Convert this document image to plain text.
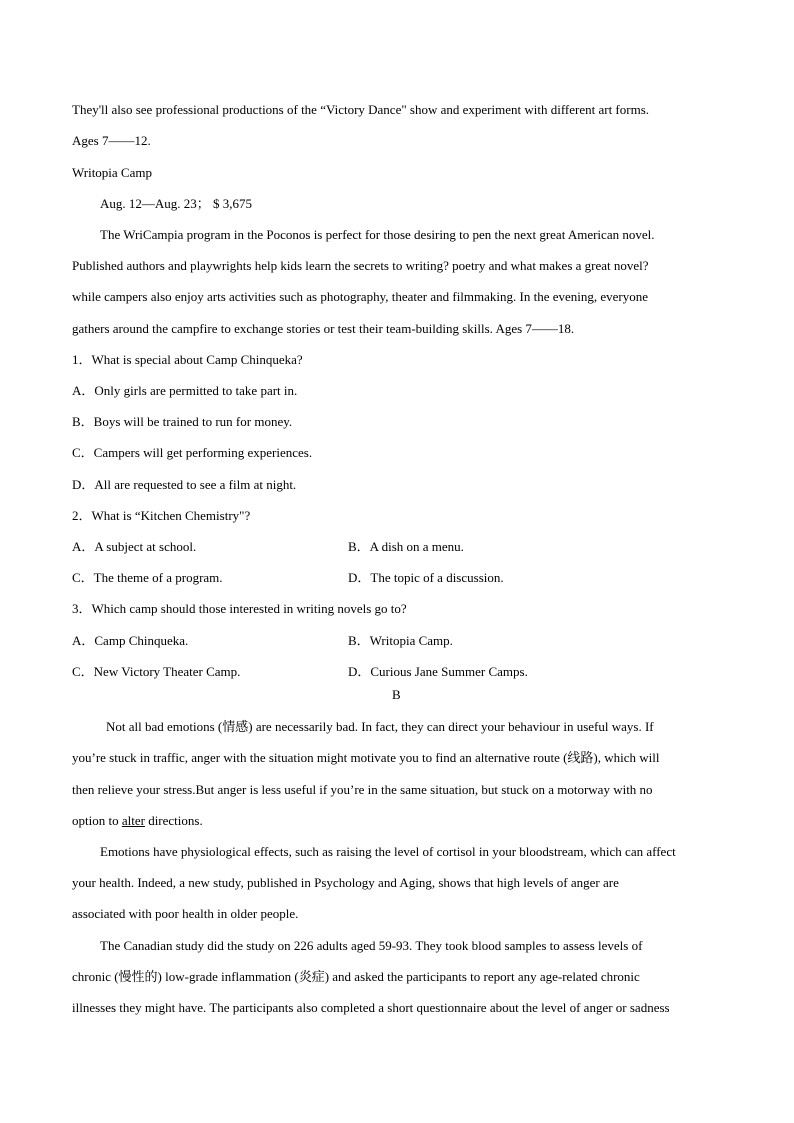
They'll also see professional productions of the “Victory Dance" show and experiment with different art forms.
Ages 7——12.
Writopia Camp
Aug. 12—Aug. 23； $ 3,675
The WriCampia program in the Poconos is perfect for those desiring to pen the next great American novel.
Published authors and playwrights help kids learn the secrets to writing? poetry and what makes a great novel?
while campers also enjoy arts activities such as photography, theater and filmmaking. In the evening, everyone
gathers around the campfire to exchange stories or test their team-building skills. Ages 7——18.
1．What is special about Camp Chinqueka?
A．Only girls are permitted to take part in.
B．Boys will be trained to run for money.
C．Campers will get performing experiences.
D．All are requested to see a film at night.
2．What is “Kitchen Chemistry"?
A．A subject at school.	B．A dish on a menu.
C．The theme of a program.	D．The topic of a discussion.
3．Which camp should those interested in writing novels go to?
A．Camp Chinqueka.	B．Writopia Camp.
C．New Victory Theater Camp.	D．Curious Jane Summer Camps.
B
Not all bad emotions (情感) are necessarily bad. In fact, they can direct your behaviour in useful ways. If
you’re stuck in traffic, anger with the situation might motivate you to find an alternative route (线路), which will
then relieve your stress.But anger is less useful if you’re in the same situation, but stuck on a motorway with no
option to alter directions.
Emotions have physiological effects, such as raising the level of cortisol in your bloodstream, which can affect
your health. Indeed, a new study, published in Psychology and Aging, shows that high levels of anger are
associated with poor health in older people.
The Canadian study did the study on 226 adults aged 59-93. They took blood samples to assess levels of
chronic (慢性的) low-grade inflammation (炎症) and asked the participants to report any age-related chronic
illnesses they might have. The participants also completed a short questionnaire about the level of anger or sadness
